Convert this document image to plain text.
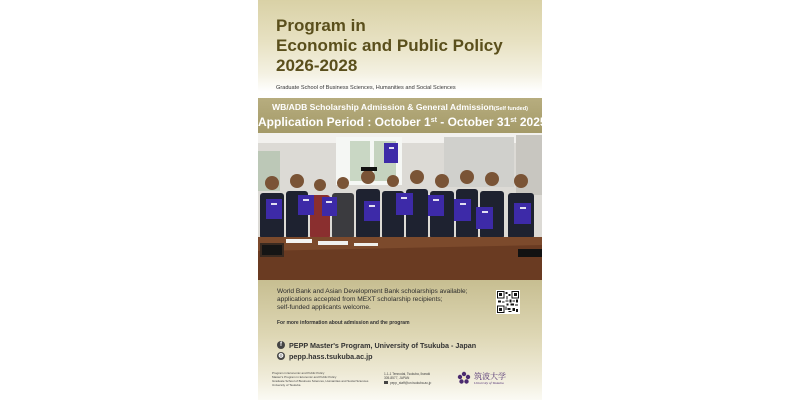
Program in
Economic and Public Policy
2026-2028
Graduate School of Business Sciences, Humanities and Social Sciences
WB/ADB Scholarship Admission & General Admission(Self funded)
Application Period : October 1st - October 31st 2025
World Bank and Asian Development Bank scholarships available;
applications accepted from MEXT scholarship recipients;
self-funded applicants welcome.
For more information about admission and the program
f PEPP Master's Program, University of Tsukuba - Japan
◍ pepp.hass.tsukuba.ac.jp
Program in Economic and Public Policy
Master's Program in Economic and Public Policy
Graduate School of Business Sciences, Humanities and Social Sciences
University of Tsukuba
1-1-1 Tennodai, Tsukuba, Ibaraki
305-8577, JAPAN
pepp_staff@un.tsukuba.ac.jp
筑波大学
University of Tsukuba
